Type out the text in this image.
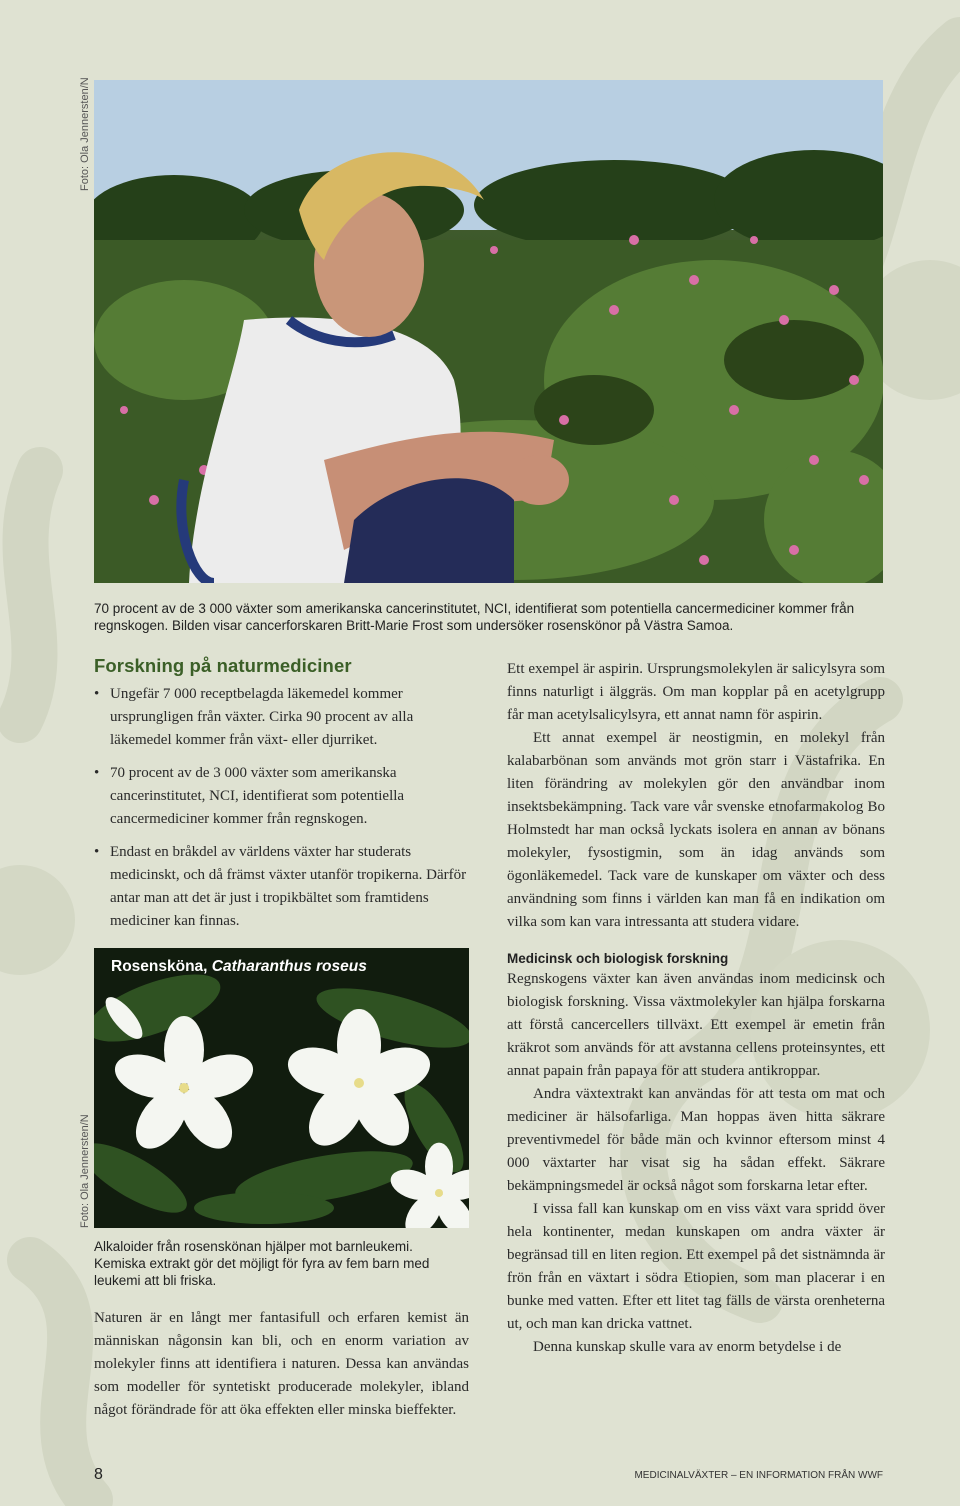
Foto: Ola Jennersten/N
70 procent av de 3 000 växter som amerikanska cancerinstitutet, NCI, identifierat som potentiella cancermediciner kommer från regnskogen. Bilden visar cancerforskaren Britt-Marie Frost som undersöker rosenskönor på Västra Samoa.
Forskning på naturmediciner
• Ungefär 7 000 receptbelagda läkemedel kommer ursprungligen från växter. Cirka 90 procent av alla läkemedel kommer från växt- eller djurriket.
• 70 procent av de 3 000 växter som amerikanska cancerinstitutet, NCI, identifierat som potentiella cancermediciner kommer från regnskogen.
• Endast en bråkdel av världens växter har studerats medicinskt, och då främst växter utanför tropikerna. Därför antar man att det är just i tropikbältet som framtidens mediciner kan finnas.
Foto: Ola Jennersten/N
Rosensköna, Catharanthus roseus
Alkaloider från rosenskönan hjälper mot barnleukemi. Kemiska extrakt gör det möjligt för fyra av fem barn med leukemi att bli friska.

Naturen är en långt mer fantasifull och erfaren kemist än människan någonsin kan bli, och en enorm variation av molekyler finns att identifiera i naturen. Dessa kan användas som modeller för syntetiskt producerade molekyler, ibland något förändrade för att öka effekten eller minska bieffekter.

Ett exempel är aspirin. Ursprungsmolekylen är salicylsyra som finns naturligt i älggräs. Om man kopplar på en acetylgrupp får man acetylsalicylsyra, ett annat namn för aspirin.

Ett annat exempel är neostigmin, en molekyl från kalabarbönan som används mot grön starr i Västafrika. En liten förändring av molekylen gör den användbar inom insektsbekämpning. Tack vare vår svenske etnofarmakolog Bo Holmstedt har man också lyckats isolera en annan av bönans molekyler, fysostigmin, som än idag används som ögonläkemedel. Tack vare de kunskaper om växter och dess användning som finns i världen kan man få en indikation om vilka som kan vara intressanta att studera vidare.

Medicinsk och biologisk forskning

Regnskogens växter kan även användas inom medicinsk och biologisk forskning. Vissa växtmolekyler kan hjälpa forskarna att förstå cancercellers tillväxt. Ett exempel är emetin från kräkrot som används för att avstanna cellens proteinsyntes, ett annat papain från papaya för att studera antikroppar.

Andra växtextrakt kan användas för att testa om mat och mediciner är hälsofarliga. Man hoppas även hitta säkrare preventivmedel för både män och kvinnor eftersom minst 4 000 växtarter har visat sig ha sådan effekt. Säkrare bekämpningsmedel är också något som forskarna letar efter.

I vissa fall kan kunskap om en viss växt vara spridd över hela kontinenter, medan kunskapen om andra växter är begränsad till en liten region. Ett exempel på det sistnämnda är frön från en växtart i södra Etiopien, som man placerar i en bunke med vatten. Efter ett litet tag fälls de värsta orenheterna ut, och man kan dricka vattnet.

Denna kunskap skulle vara av enorm betydelse i de

8	MEDICINALVÄXTER – EN INFORMATION FRÅN WWF
